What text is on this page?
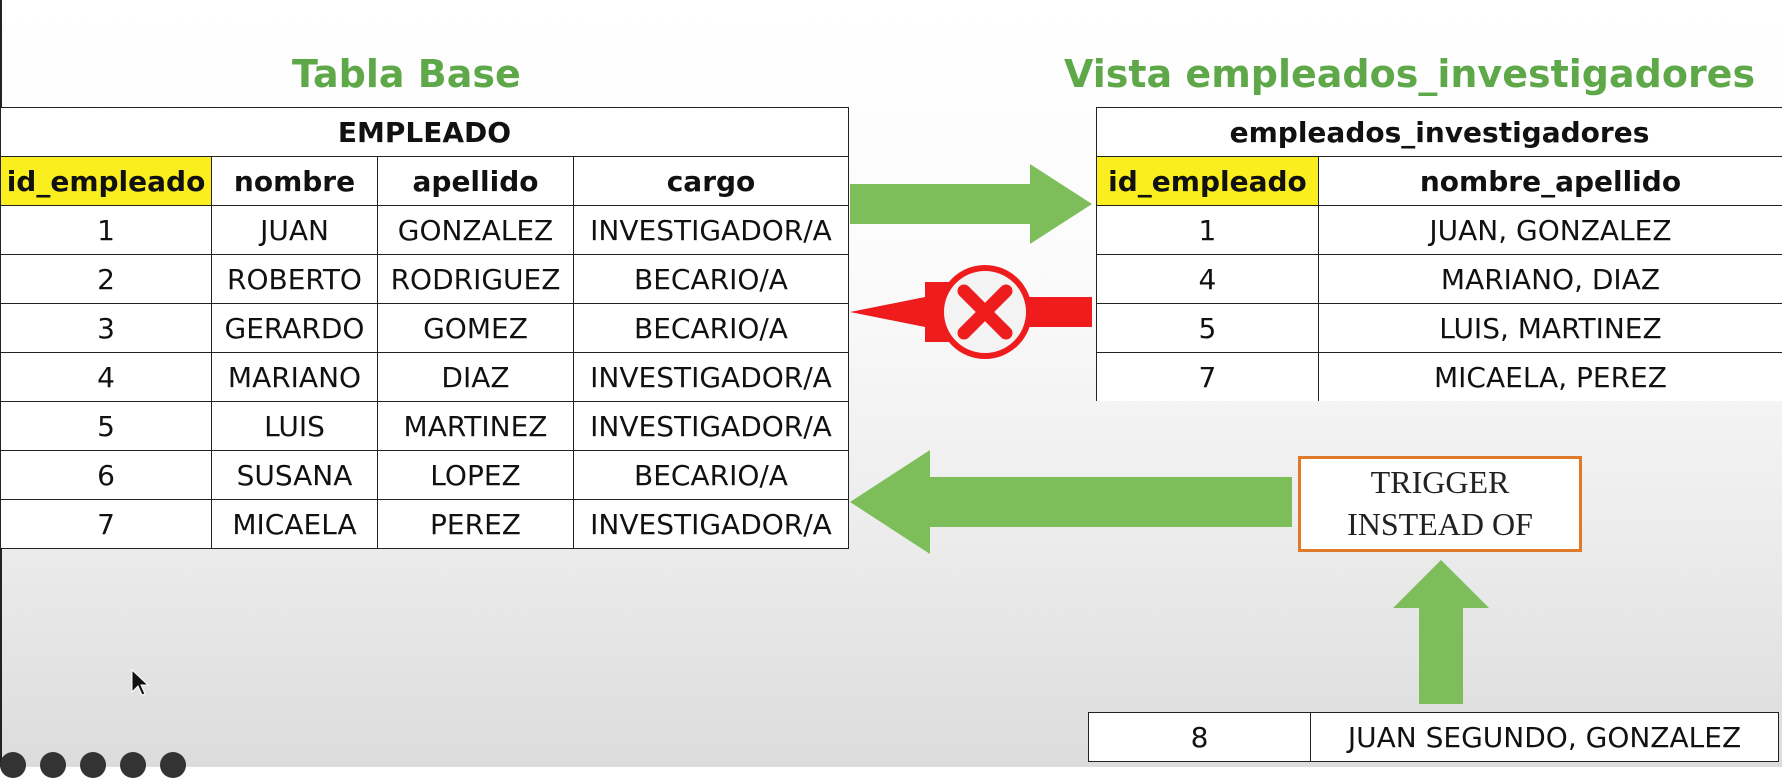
Tabla Base	Vista empleados_investigadores
EMPLEADO			
id_empleado	nombre	apellido	cargo
1	JUAN	GONZALEZ	INVESTIGADOR/A
2	ROBERTO	RODRIGUEZ	BECARIO/A
3	GERARDO	GOMEZ	BECARIO/A
4	MARIANO	DIAZ	INVESTIGADOR/A
5	LUIS	MARTINEZ	INVESTIGADOR/A
6	SUSANA	LOPEZ	BECARIO/A
7	MICAELA	PEREZ	INVESTIGADOR/A
empleados_investigadores	
id_empleado	nombre_apellido
1	JUAN, GONZALEZ
4	MARIANO, DIAZ
5	LUIS, MARTINEZ
7	MICAELA, PEREZ
TRIGGER
INSTEAD OF
8	JUAN SEGUNDO, GONZALEZ
